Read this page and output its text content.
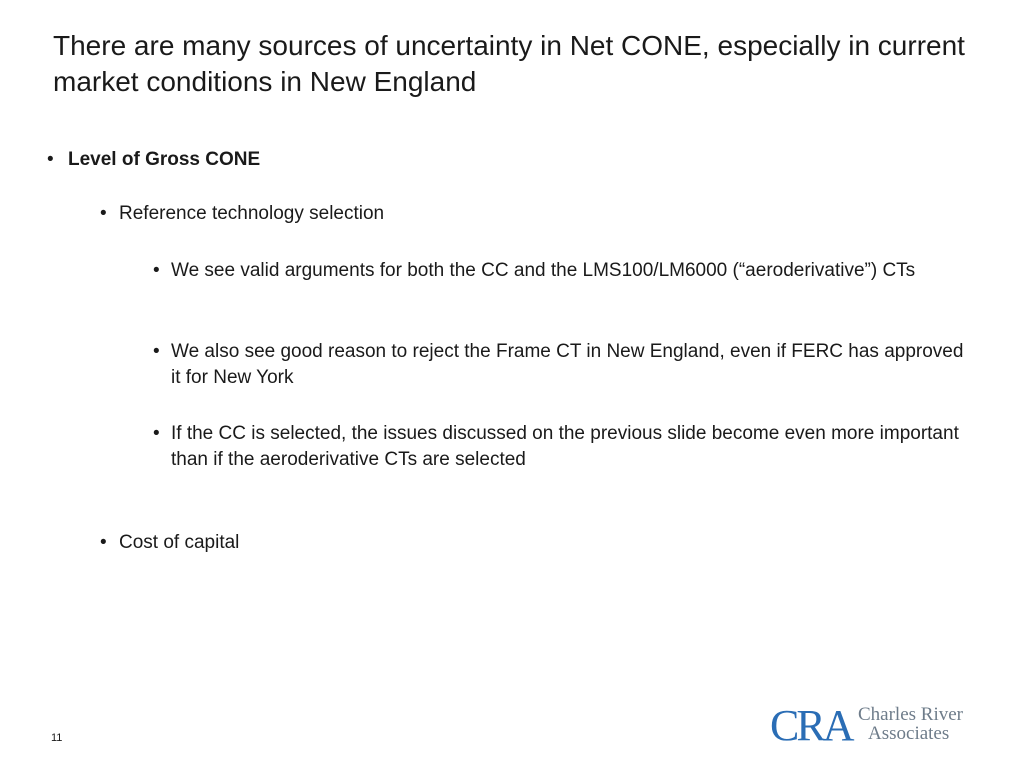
There are many sources of uncertainty in Net CONE, especially in current market conditions in New England
• Level of Gross CONE
• Reference technology selection
• We see valid arguments for both the CC and the LMS100/LM6000 (“aeroderivative”) CTs
• We also see good reason to reject the Frame CT in New England, even if FERC has approved it for New York
• If the CC is selected, the issues discussed on the previous slide become even more important than if the aeroderivative CTs are selected
• Cost of capital
11	CRA Charles River
Associates
